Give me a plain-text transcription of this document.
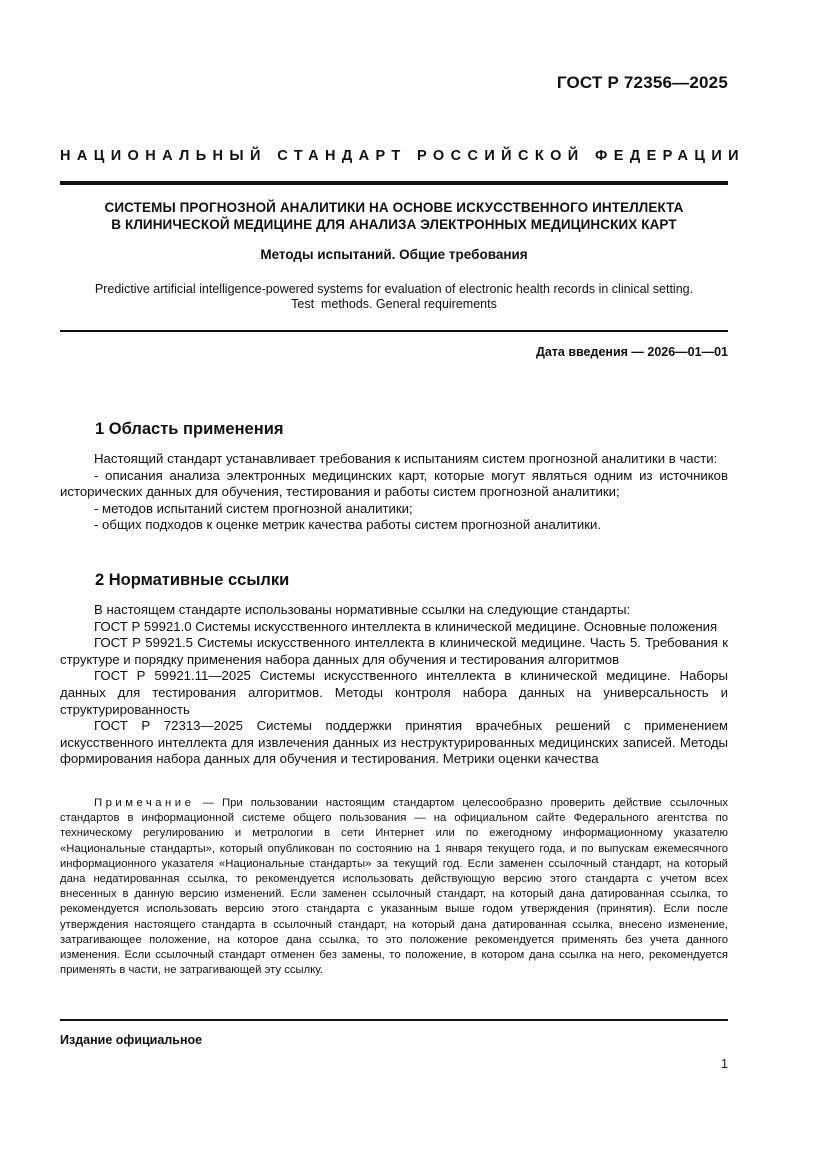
ГОСТ Р 72356—2025
НАЦИОНАЛЬНЫЙ СТАНДАРТ РОССИЙСКОЙ ФЕДЕРАЦИИ
СИСТЕМЫ ПРОГНОЗНОЙ АНАЛИТИКИ НА ОСНОВЕ ИСКУССТВЕННОГО ИНТЕЛЛЕКТА
В КЛИНИЧЕСКОЙ МЕДИЦИНЕ ДЛЯ АНАЛИЗА ЭЛЕКТРОННЫХ МЕДИЦИНСКИХ КАРТ
Методы испытаний. Общие требования
Predictive artificial intelligence-powered systems for evaluation of electronic health records in clinical setting.
Test  methods. General requirements
Дата введения — 2026—01—01
1 Область применения

Настоящий стандарт устанавливает требования к испытаниям систем прогнозной аналитики в части:

- описания анализа электронных медицинских карт, которые могут являться одним из источников исторических данных для обучения, тестирования и работы систем прогнозной аналитики;

- методов испытаний систем прогнозной аналитики;

- общих подходов к оценке метрик качества работы систем прогнозной аналитики.

2 Нормативные ссылки

В настоящем стандарте использованы нормативные ссылки на следующие стандарты:

ГОСТ Р 59921.0 Системы искусственного интеллекта в клинической медицине. Основные положения

ГОСТ Р 59921.5 Системы искусственного интеллекта в клинической медицине. Часть 5. Требования к структуре и порядку применения набора данных для обучения и тестирования алгоритмов

ГОСТ Р 59921.11—2025 Системы искусственного интеллекта в клинической медицине. Наборы данных для тестирования алгоритмов. Методы контроля набора данных на универсальность и структурированность

ГОСТ Р 72313—2025 Системы поддержки принятия врачебных решений с применением искусственного интеллекта для извлечения данных из неструктурированных медицинских записей. Методы формирования набора данных для обучения и тестирования. Метрики оценки качества

Примечание — При пользовании настоящим стандартом целесообразно проверить действие ссылочных стандартов в информационной системе общего пользования — на официальном сайте Федерального агентства по техническому регулированию и метрологии в сети Интернет или по ежегодному информационному указателю «Национальные стандарты», который опубликован по состоянию на 1 января текущего года, и по выпускам ежемесячного информационного указателя «Национальные стандарты» за текущий год. Если заменен ссылочный стандарт, на который дана недатированная ссылка, то рекомендуется использовать действующую версию этого стандарта с учетом всех внесенных в данную версию изменений. Если заменен ссылочный стандарт, на который дана датированная ссылка, то рекомендуется использовать версию этого стандарта с указанным выше годом утверждения (принятия). Если после утверждения настоящего стандарта в ссылочный стандарт, на который дана датированная ссылка, внесено изменение, затрагивающее положение, на которое дана ссылка, то это положение рекомендуется применять без учета данного изменения. Если ссылочный стандарт отменен без замены, то положение, в котором дана ссылка на него, рекомендуется применять в части, не затрагивающей эту ссылку.

Издание официальное
1
